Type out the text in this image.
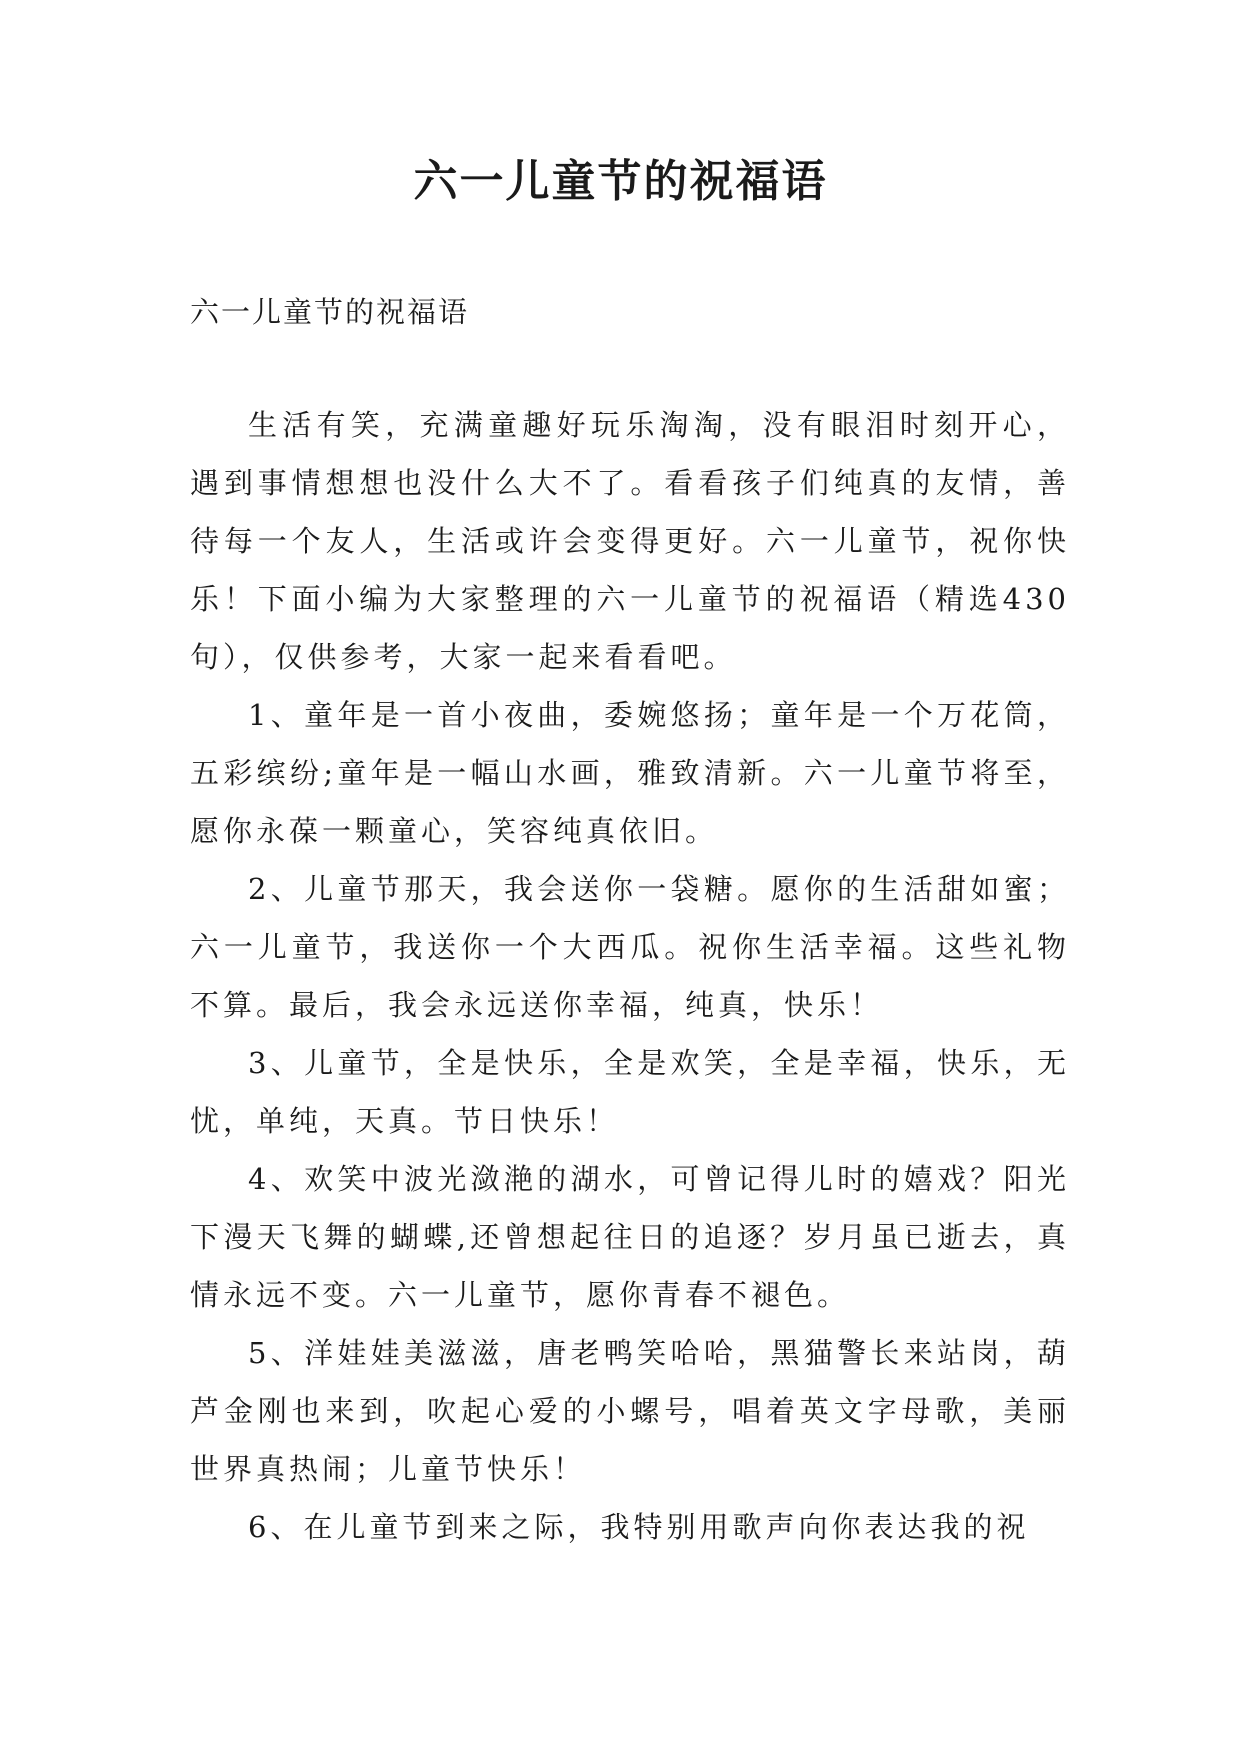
六一儿童节的祝福语

六一儿童节的祝福语

生活有笑，充满童趣好玩乐淘淘，没有眼泪时刻开心，遇到事情想想也没什么大不了。看看孩子们纯真的友情，善待每一个友人，生活或许会变得更好。六一儿童节，祝你快乐！下面小编为大家整理的六一儿童节的祝福语（精选430句），仅供参考，大家一起来看看吧。

1、童年是一首小夜曲，委婉悠扬；童年是一个万花筒，五彩缤纷;童年是一幅山水画，雅致清新。六一儿童节将至，愿你永葆一颗童心，笑容纯真依旧。

2、儿童节那天，我会送你一袋糖。愿你的生活甜如蜜；六一儿童节，我送你一个大西瓜。祝你生活幸福。这些礼物不算。最后，我会永远送你幸福，纯真，快乐！

3、儿童节，全是快乐，全是欢笑，全是幸福，快乐，无忧，单纯，天真。节日快乐！

4、欢笑中波光潋滟的湖水，可曾记得儿时的嬉戏？阳光下漫天飞舞的蝴蝶,还曾想起往日的追逐？岁月虽已逝去，真情永远不变。六一儿童节，愿你青春不褪色。

5、洋娃娃美滋滋，唐老鸭笑哈哈，黑猫警长来站岗，葫芦金刚也来到，吹起心爱的小螺号，唱着英文字母歌，美丽世界真热闹；儿童节快乐！

6、在儿童节到来之际，我特别用歌声向你表达我的祝
